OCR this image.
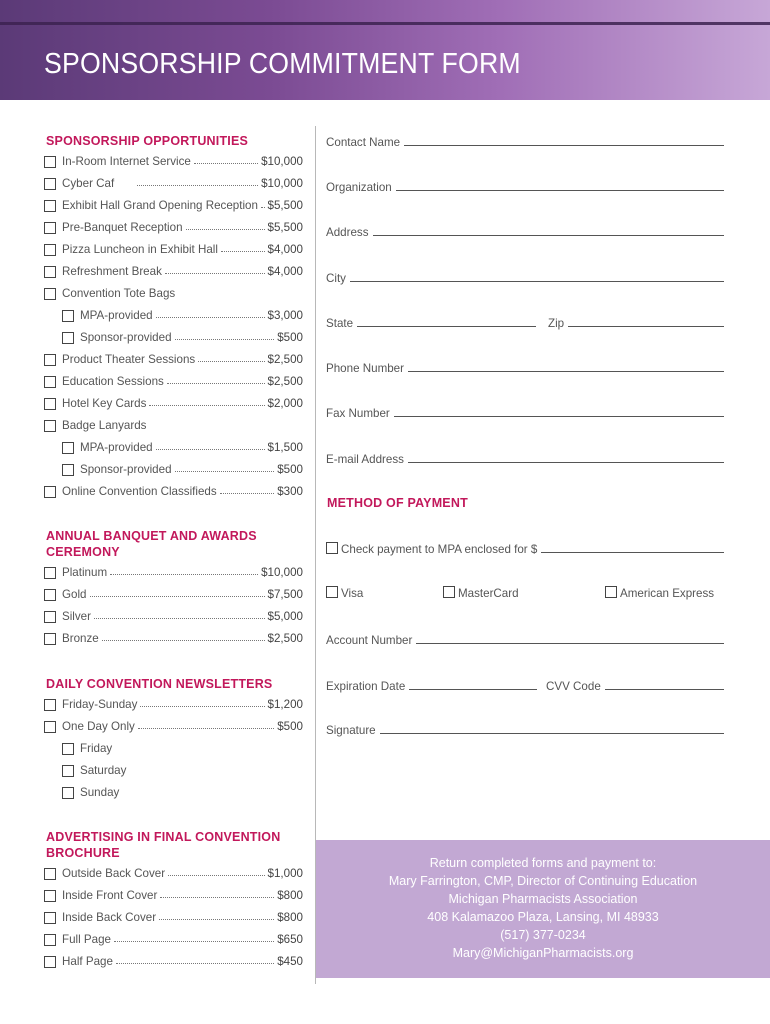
SPONSORSHIP COMMITMENT FORM
SPONSORSHIP OPPORTUNITIES
ANNUAL BANQUET AND AWARDS
CEREMONY
DAILY CONVENTION NEWSLETTERS
ADVERTISING IN FINAL CONVENTION
BROCHURE
In-Room Internet Service	$10,000
Cyber Caf	$10,000
Exhibit Hall Grand Opening Reception $5,500
Pre-Banquet Reception	$5,500
Pizza Luncheon in Exhibit Hall	$4,000
Refreshment Break	$4,000
Convention Tote Bags
MPA-provided	$3,000
Sponsor-provided	$500
Product Theater Sessions	$2,500
Education Sessions	$2,500
Hotel Key Cards	$2,000
Badge Lanyards
MPA-provided	$1,500
Sponsor-provided	$500
Online Convention Classifieds	$300
Platinum	$10,000
Gold	$7,500
Silver	$5,000
Bronze	$2,500
Friday-Sunday	$1,200
One Day Only	$500
Friday
Saturday
Sunday
Outside Back Cover	$1,000
Inside Front Cover	$800
Inside Back Cover	$800
Full Page	$650
Half Page	$450
Contact Name
Organization
Address
City
State	Zip
Phone Number
Fax Number
E-mail Address
METHOD OF PAYMENT
Check payment to MPA enclosed for $
Visa	MasterCard	American Express
Account Number
Expiration Date	CVV Code
Signature
Return completed forms and payment to:
Mary Farrington, CMP, Director of Continuing Education
Michigan Pharmacists Association
408 Kalamazoo Plaza, Lansing, MI 48933
(517) 377-0234
Mary@MichiganPharmacists.org
